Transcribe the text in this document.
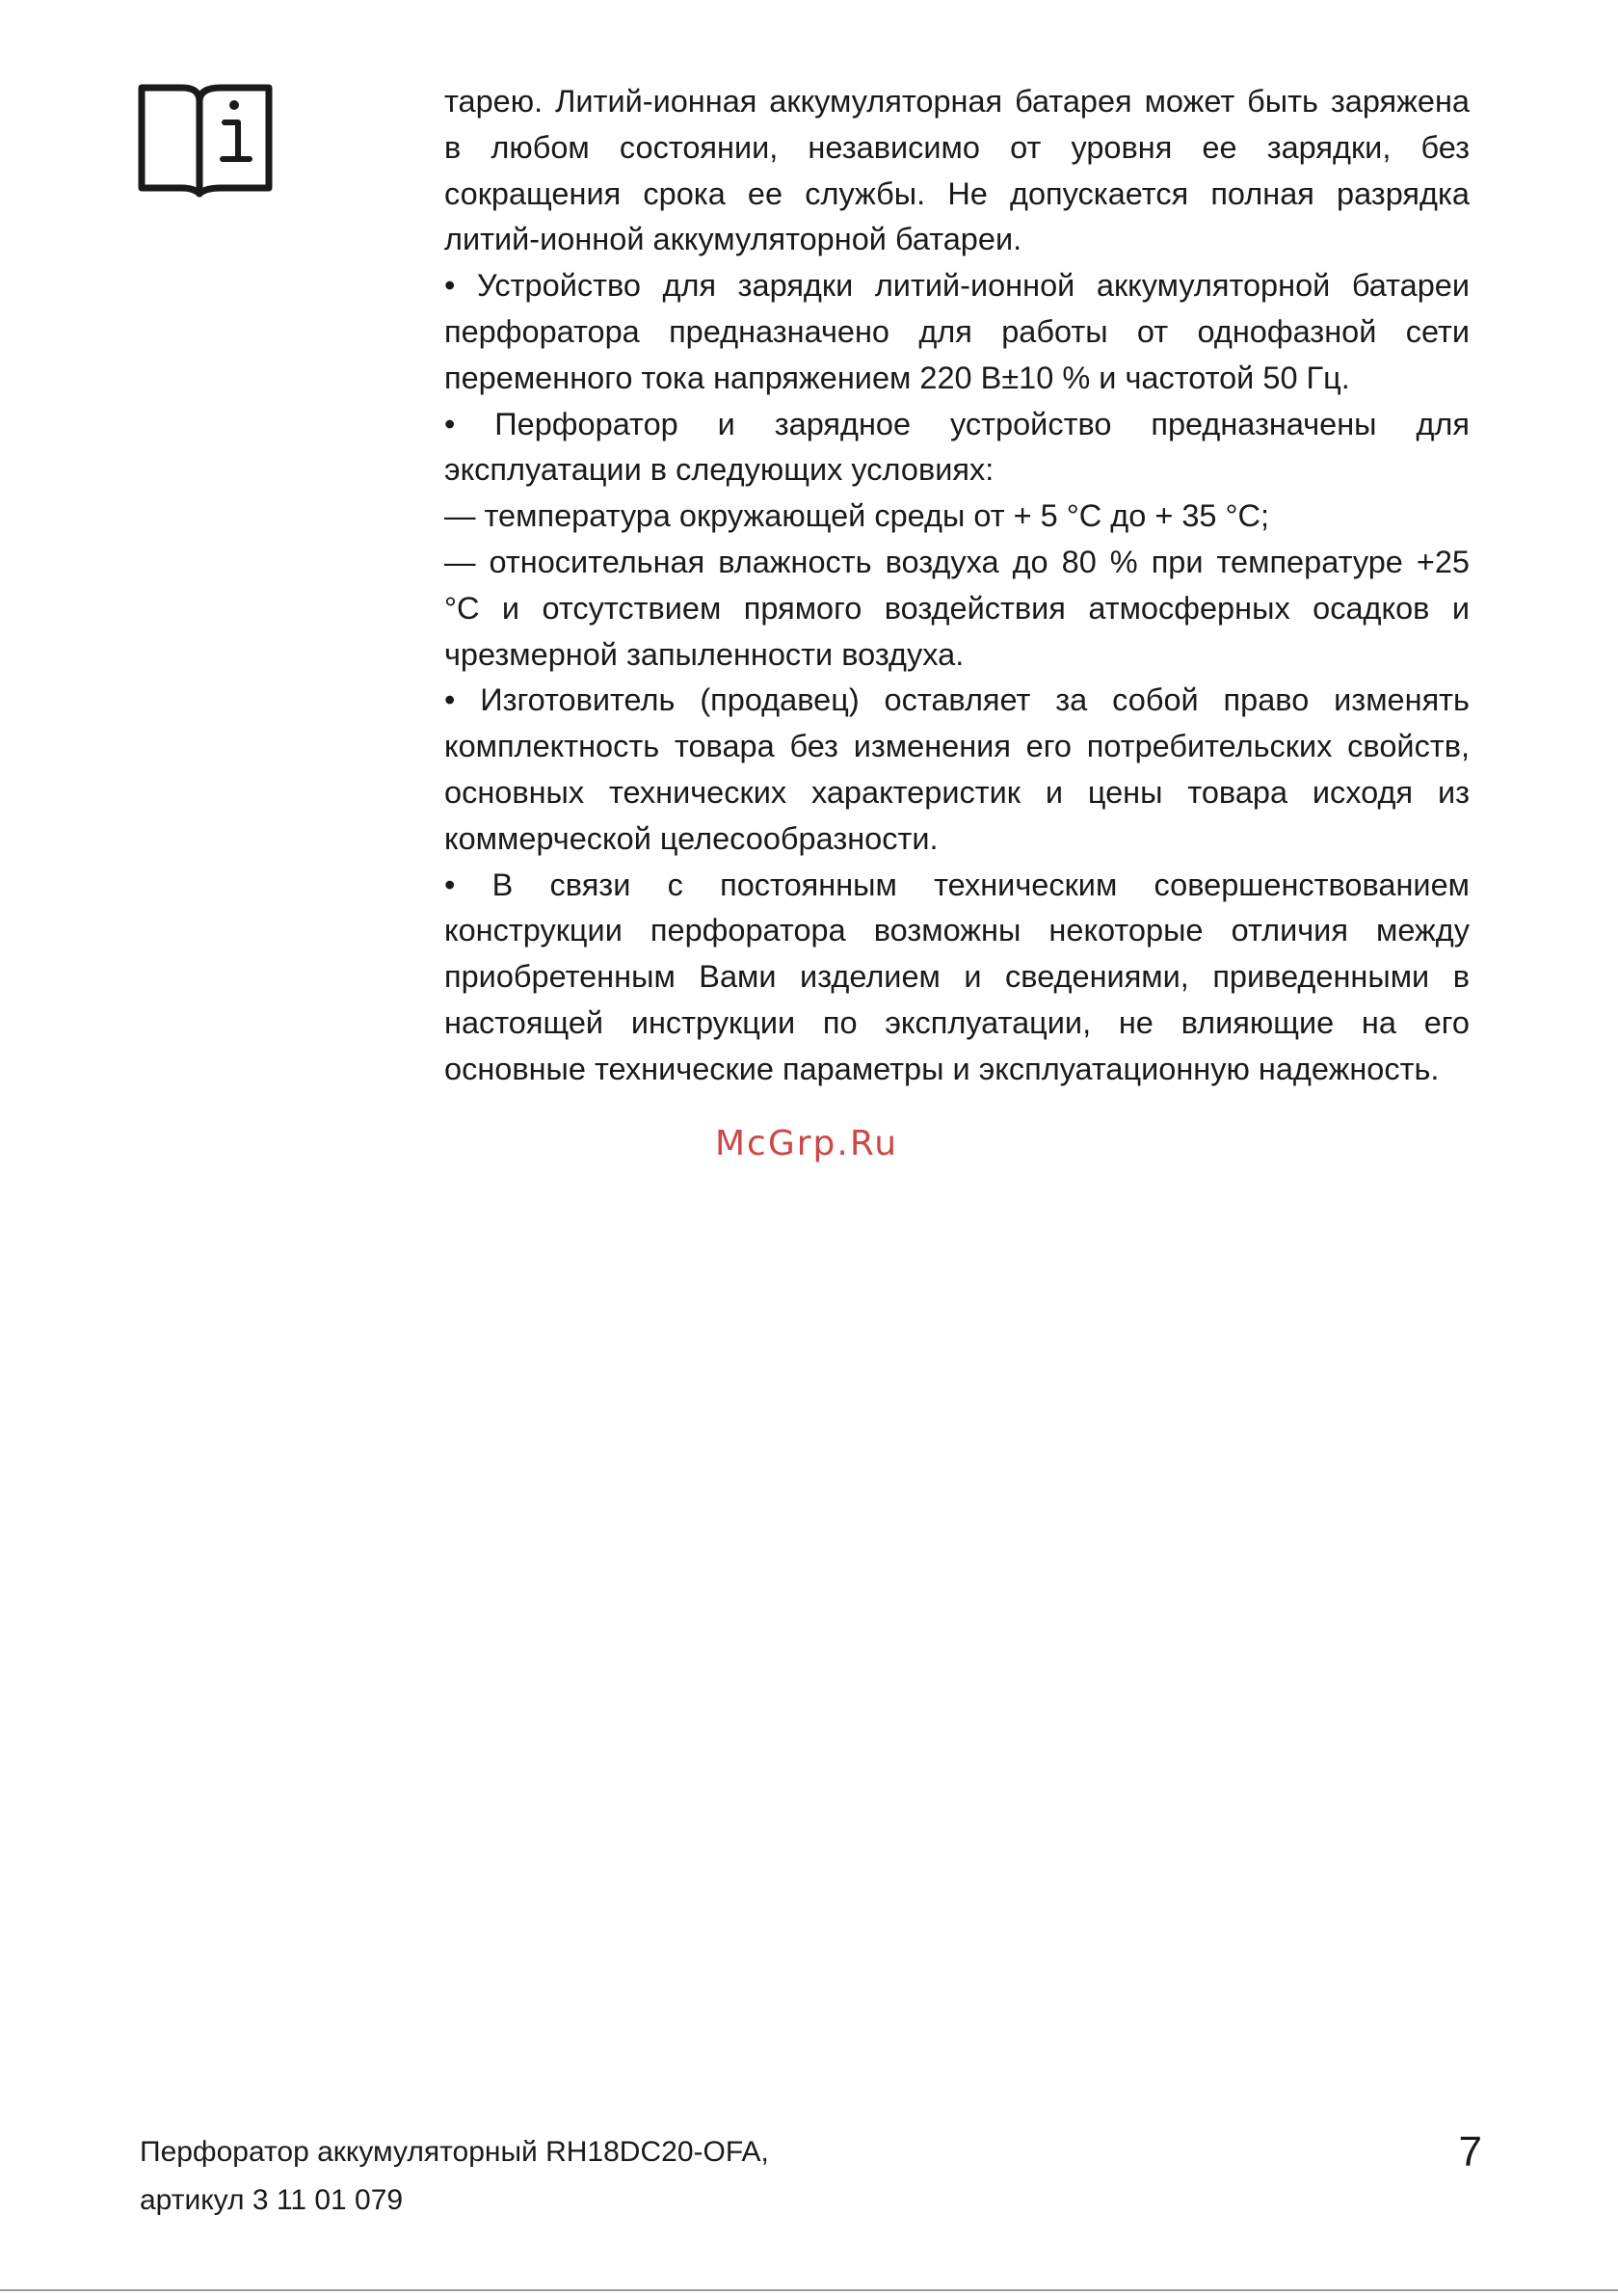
тарею. Литий-ионная аккумуляторная батарея может быть заряжена в любом состоянии, независимо от уровня ее зарядки, без сокращения срока ее службы. Не допускается полная разрядка литий-ионной аккумуляторной батареи.

• Устройство для зарядки литий-ионной аккумуляторной батареи перфоратора предназначено для работы от однофазной сети переменного тока напряжением 220 В±10 % и частотой 50 Гц.

• Перфоратор и зарядное устройство предназначены для эксплуатации в следующих условиях:

— температура окружающей среды от + 5 °С до + 35 °С;

— относительная влажность воздуха до 80 % при температуре +25 °С и отсутствием прямого воздействия атмосферных осадков и чрезмерной запыленности воздуха.

• Изготовитель (продавец) оставляет за собой право изменять комплектность товара без изменения его потребительских свойств, основных технических характеристик и цены товара исходя из коммерческой целесообразности.

• В связи с постоянным техническим совершенствованием конструкции перфоратора возможны некоторые отличия между приобретенным Вами изделием и сведениями, приведенными в настоящей инструкции по эксплуатации, не влияющие на его основные технические параметры и эксплуатационную надежность.

McGrp.Ru
Перфоратор аккумуляторный RH18DC20-OFA,
артикул 3 11 01 079
7
